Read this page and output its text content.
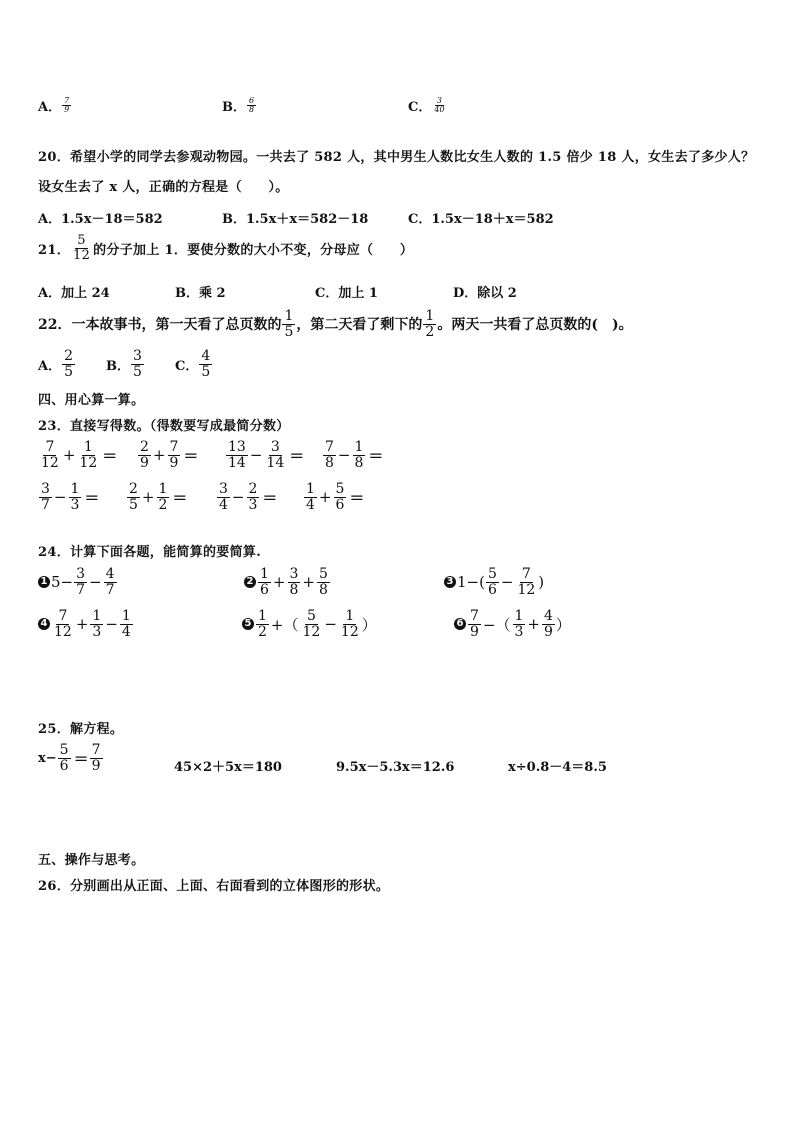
A． $\frac{7}{9}$	B． $\frac{6}{8}$	C． $\frac{3}{40}$
20．希望小学的同学去参观动物园。一共去了 582 人，其中男生人数比女生人数的 1.5 倍少 18 人，女生去了多少人？
设女生去了 x 人，正确的方程是（　　）。
A．1.5x－18＝582	B．1.5x＋x＝582－18	C．1.5x－18＋x＝582
21． $\frac{5}{12}$ 的分子加上 1．要使分数的大小不变，分母应（　　）
A．加上 24	B．乘 2	C．加上 1	D．除以 2
22．一本故事书，第一天看了总页数的 $\frac{1}{5}$ ，第二天看了剩下的 $\frac{1}{2}$ 。两天一共看了总页数的(　)。
A． $\frac{2}{5}$ B． $\frac{3}{5}$ C． $\frac{4}{5}$
四、用心算一算。
23．直接写得数。（得数要写成最简分数）
$\frac{7}{12} + \frac{1}{12} = \frac{2}{9} + \frac{7}{9} = \frac{13}{14} - \frac{3}{14} = \frac{7}{8} - \frac{1}{8}$ ＝
$\frac{3}{7} - \frac{1}{3} = \frac{2}{5} + \frac{1}{2} = \frac{3}{4} - \frac{2}{3} = \frac{1}{4} + \frac{5}{6}$ ＝
24．计算下面各题，能简算的要简算.
1 $5- \frac{3}{7} - \frac{4}{7}$	$2 \frac{1}{6} + \frac{3}{8} + \frac{5}{8}$	3 $1-( \frac{5}{6} - \frac{7}{12}$ )
$4 \frac{7}{12} + \frac{1}{3} - \frac{1}{4}$	$5 \frac{1}{2}$ +（ $\frac{5}{12} - \frac{1}{12}$ ）	$6 \frac{7}{9}$ −（ $\frac{1}{3} + \frac{4}{9}$ ）
25．解方程。
$x- \frac{5}{6} = \frac{7}{9}$	45×2＋5x＝180	9.5x－5.3x＝12.6	x÷0.8－4＝8.5
五、操作与思考。
26．分别画出从正面、上面、右面看到的立体图形的形状。
